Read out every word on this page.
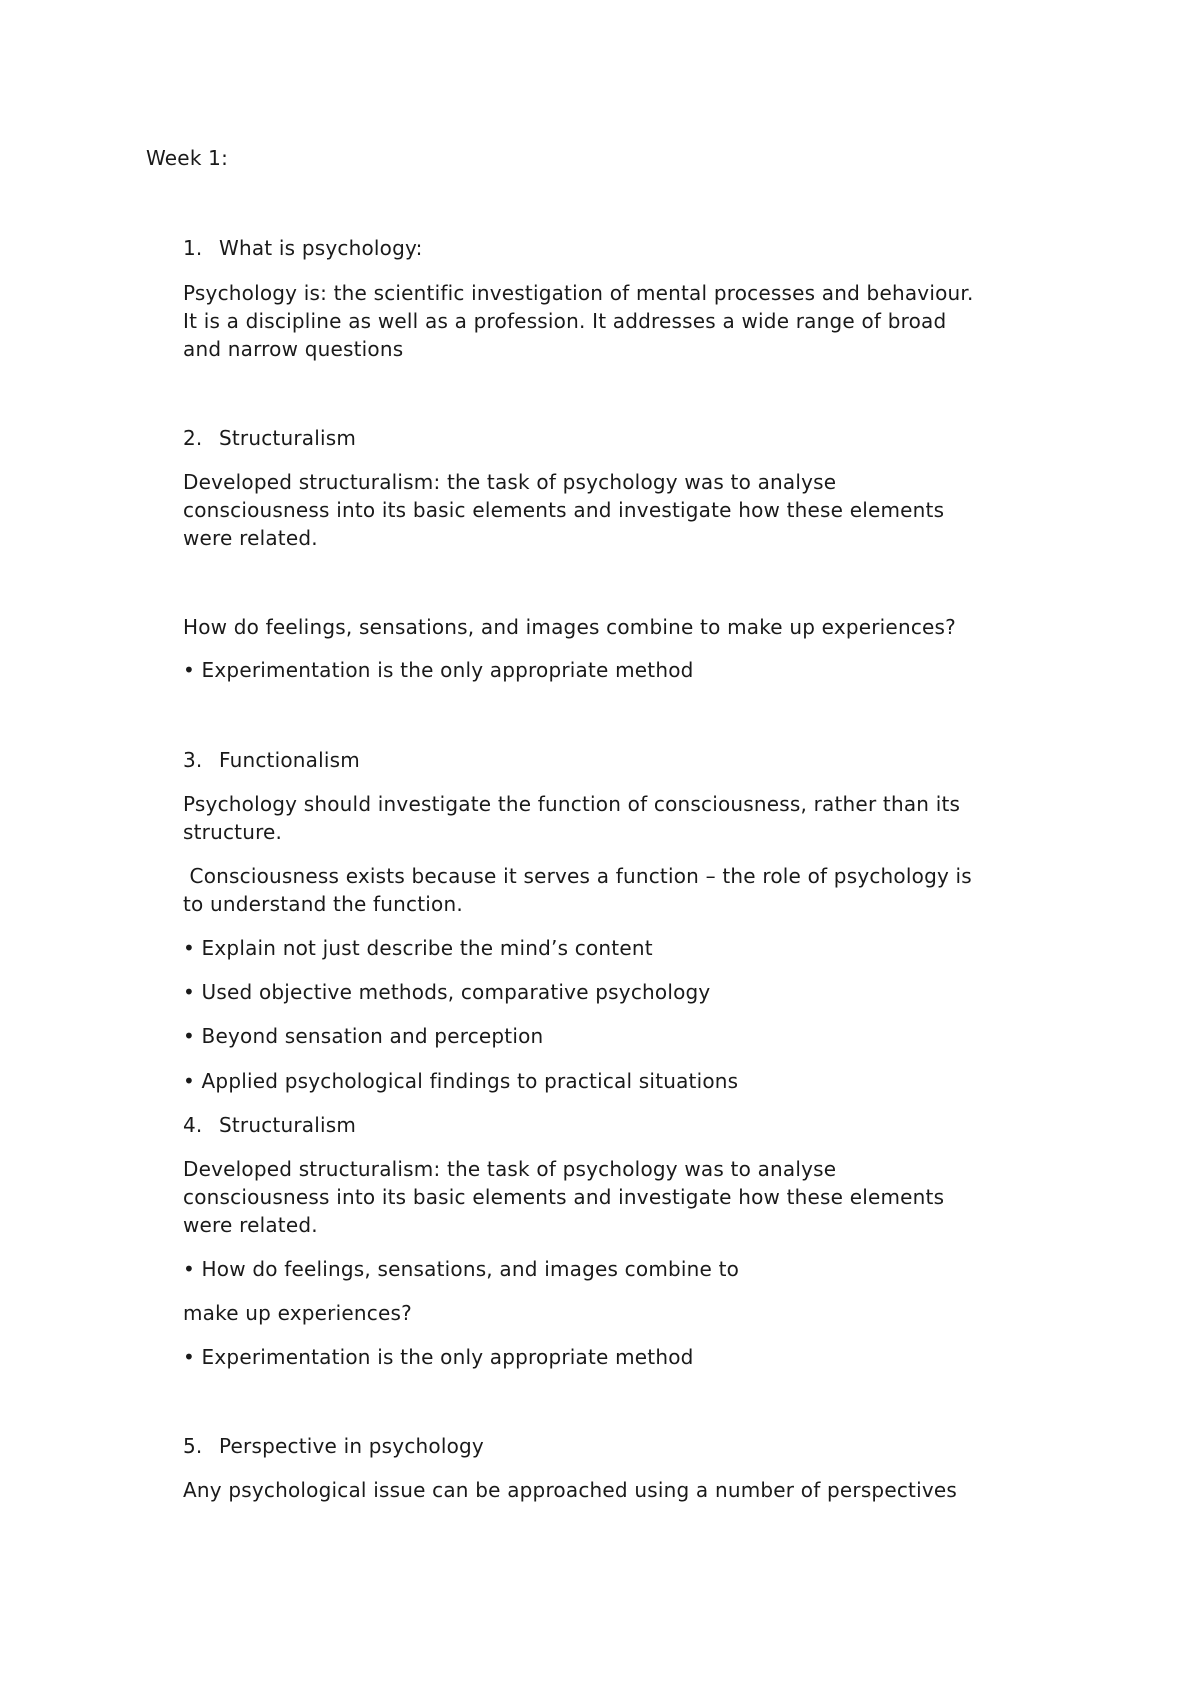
Week 1:
1. What is psychology:
Psychology is: the scientific investigation of mental processes and behaviour.
It is a discipline as well as a profession. It addresses a wide range of broad
and narrow questions
2. Structuralism
Developed structuralism: the task of psychology was to analyse
consciousness into its basic elements and investigate how these elements
were related.
How do feelings, sensations, and images combine to make up experiences?
• Experimentation is the only appropriate method
3. Functionalism
Psychology should investigate the function of consciousness, rather than its
structure.
Consciousness exists because it serves a function – the role of psychology is
to understand the function.
• Explain not just describe the mind’s content
• Used objective methods, comparative psychology
• Beyond sensation and perception
• Applied psychological findings to practical situations
4. Structuralism
Developed structuralism: the task of psychology was to analyse
consciousness into its basic elements and investigate how these elements
were related.
• How do feelings, sensations, and images combine to
make up experiences?
• Experimentation is the only appropriate method
5. Perspective in psychology
Any psychological issue can be approached using a number of perspectives
